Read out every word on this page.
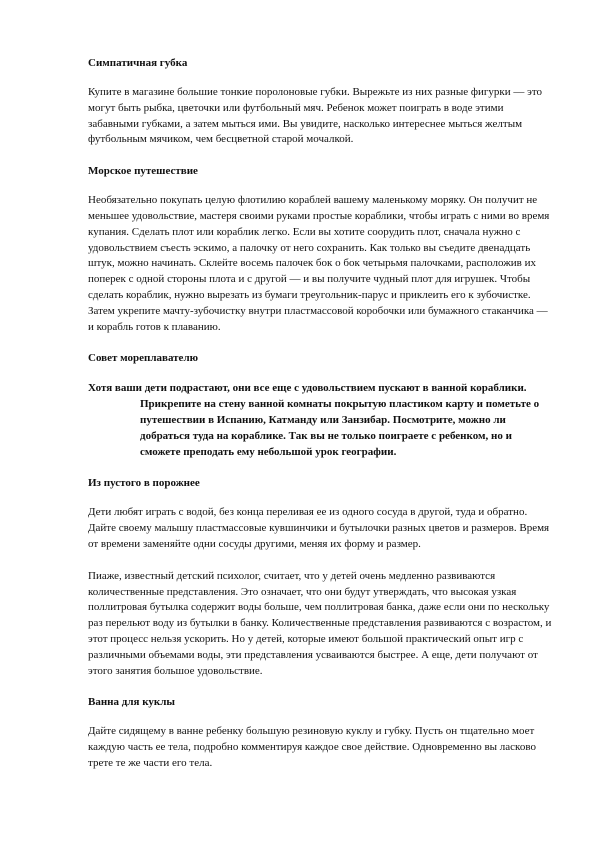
Симпатичная губка

Купите в магазине большие тонкие поролоновые губки. Вырежьте из них разные фигурки — это могут быть рыбка, цветочки или футбольный мяч. Ребенок может поиграть в воде этими забавными губками, а затем мыться ими. Вы увидите, насколько интереснее мыться желтым футбольным мячиком, чем бесцветной старой мочалкой.

Морское путешествие

Необязательно покупать целую флотилию кораблей вашему маленькому моряку. Он получит не меньшее удовольствие, мастеря своими руками простые кораблики, чтобы играть с ними во время купания. Сделать плот или кораблик легко. Если вы хотите соорудить плот, сначала нужно с удовольствием съесть эскимо, а палочку от него сохранить. Как только вы съедите двенадцать штук, можно начинать. Склейте восемь палочек бок о бок четырьмя палочками, расположив их поперек с одной стороны плота и с другой — и вы получите чудный плот для игрушек. Чтобы сделать кораблик, нужно вырезать из бумаги треугольник-парус и приклеить его к зубочистке. Затем укрепите мачту-зубочистку внутри пластмассовой коробочки или бумажного стаканчика — и корабль готов к плаванию.

Совет мореплавателю

Хотя ваши дети подрастают, они все еще с удовольствием пускают в ванной кораблики. Прикрепите на стену ванной комнаты покрытую пластиком карту и пометьте о путешествии в Испанию, Катманду или Занзибар. Посмотрите, можно ли добраться туда на кораблике. Так вы не только поиграете с ребенком, но и сможете преподать ему небольшой урок географии.

Из пустого в порожнее

Дети любят играть с водой, без конца переливая ее из одного сосуда в другой, туда и обратно. Дайте своему малышу пластмассовые кувшинчики и бутылочки разных цветов и размеров. Время от времени заменяйте одни сосуды другими, меняя их форму и размер.

Пиаже, известный детский психолог, считает, что у детей очень медленно развиваются количественные представления. Это означает, что они будут утверждать, что высокая узкая поллитровая бутылка содержит воды больше, чем поллитровая банка, даже если они по нескольку раз перельют воду из бутылки в банку. Количественные представления развиваются с возрастом, и этот процесс нельзя ускорить. Но у детей, которые имеют большой практический опыт игр с различными объемами воды, эти представления усваиваются быстрее. А еще, дети получают от этого занятия большое удовольствие.

Ванна для куклы

Дайте сидящему в ванне ребенку большую резиновую куклу и губку. Пусть он тщательно моет каждую часть ее тела, подробно комментируя каждое свое действие. Одновременно вы ласково трете те же части его тела.
